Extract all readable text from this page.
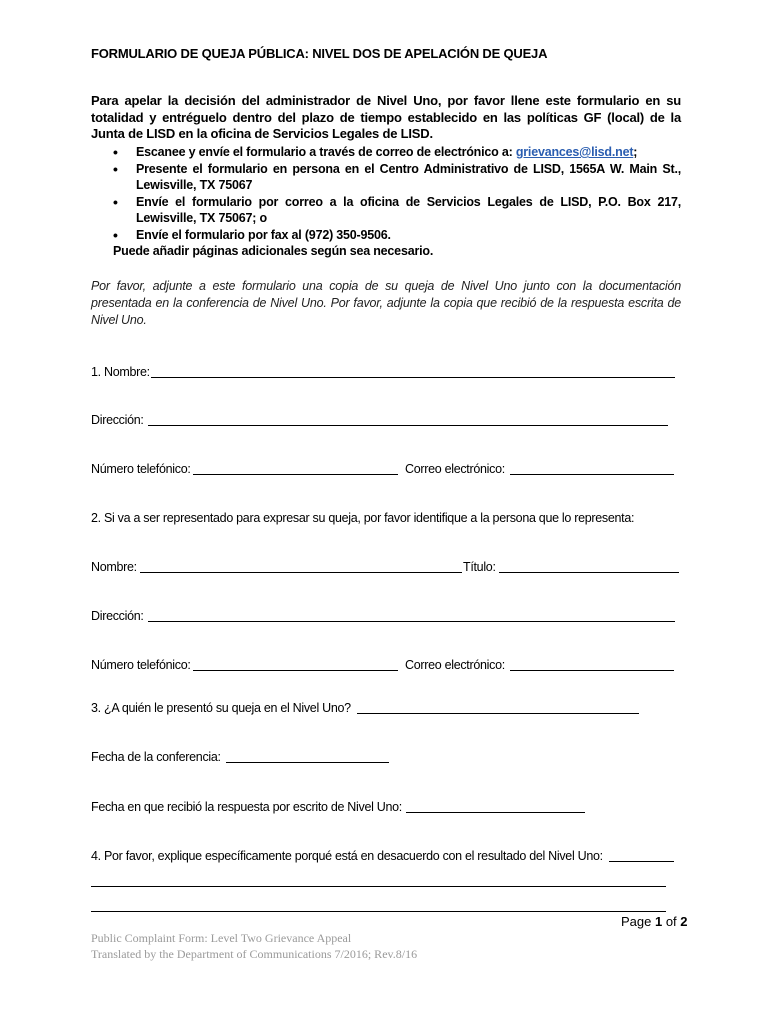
FORMULARIO DE QUEJA PÚBLICA: NIVEL DOS DE APELACIÓN DE QUEJA
Para apelar la decisión del administrador de Nivel Uno, por favor llene este formulario en su totalidad y entréguelo dentro del plazo de tiempo establecido en las políticas GF (local) de la Junta de LISD en la oficina de Servicios Legales de LISD.
• Escanee y envíe el formulario a través de correo de electrónico a: grievances@lisd.net;
• Presente el formulario en persona en el Centro Administrativo de LISD, 1565A W. Main St., Lewisville, TX 75067
• Envíe el formulario por correo a la oficina de Servicios Legales de LISD, P.O. Box 217, Lewisville, TX 75067; o
• Envíe el formulario por fax al (972) 350-9506.
Puede añadir páginas adicionales según sea necesario.
Por favor, adjunte a este formulario una copia de su queja de Nivel Uno junto con la documentación presentada en la conferencia de Nivel Uno. Por favor, adjunte la copia que recibió de la respuesta escrita de Nivel Uno.
1. Nombre:
Dirección:
Número telefónico:	Correo electrónico:
2. Si va a ser representado para expresar su queja, por favor identifique a la persona que lo representa:
Nombre:	Título:
Dirección:
Número telefónico:	Correo electrónico:
3. ¿A quién le presentó su queja en el Nivel Uno?
Fecha de la conferencia:
Fecha en que recibió la respuesta por escrito de Nivel Uno:
4. Por favor, explique específicamente porqué está en desacuerdo con el resultado del Nivel Uno:
Page 1 of 2
Public Complaint Form: Level Two Grievance Appeal
Translated by the Department of Communications 7/2016; Rev.8/16
